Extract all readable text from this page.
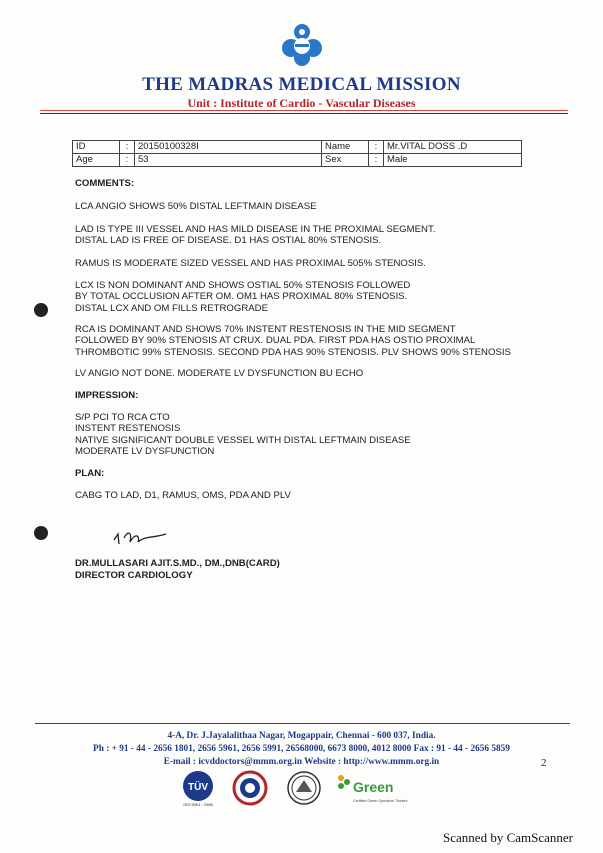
THE MADRAS MEDICAL MISSION
Unit : Institute of Cardio - Vascular Diseases
ID	:	20150100328I	Name	:	Mr.VITAL DOSS .D
Age	:	53	Sex	:	Male
COMMENTS:
LCA ANGIO SHOWS 50% DISTAL LEFTMAIN DISEASE
LAD IS TYPE III VESSEL AND HAS MILD DISEASE IN THE PROXIMAL SEGMENT.
DISTAL LAD IS FREE OF DISEASE. D1 HAS OSTIAL 80% STENOSIS.
RAMUS IS MODERATE SIZED VESSEL AND HAS PROXIMAL 505% STENOSIS.
LCX IS NON DOMINANT AND SHOWS OSTIAL 50% STENOSIS FOLLOWED
BY TOTAL OCCLUSION AFTER OM. OM1 HAS PROXIMAL 80% STENOSIS.
DISTAL LCX AND OM FILLS RETROGRADE
RCA IS DOMINANT AND SHOWS 70% INSTENT RESTENOSIS IN THE MID SEGMENT
FOLLOWED BY 90% STENOSIS AT CRUX. DUAL PDA. FIRST PDA HAS OSTIO PROXIMAL
THROMBOTIC 99% STENOSIS. SECOND PDA HAS 90% STENOSIS. PLV SHOWS 90% STENOSIS
LV ANGIO NOT DONE. MODERATE LV DYSFUNCTION BU ECHO
IMPRESSION:
S/P PCI TO RCA CTO
INSTENT RESTENOSIS
NATIVE SIGNIFICANT DOUBLE VESSEL WITH DISTAL LEFTMAIN DISEASE
MODERATE LV DYSFUNCTION
PLAN:
CABG TO LAD, D1, RAMUS, OMS, PDA AND PLV
DR.MULLASARI AJIT.S.MD., DM.,DNB(CARD)
DIRECTOR CARDIOLOGY
4-A, Dr. J.Jayalalithaa Nagar, Mogappair, Chennai - 600 037, India.
Ph : + 91 - 44 - 2656 1801, 2656 5961, 2656 5991, 26568000, 6673 8000, 4012 8000 Fax : 91 - 44 - 2656 5859
E-mail : icvddoctors@mmm.org.in Website : http://www.mmm.org.in	2
TÜV
ISO 9001 : 2008
Green
Certified Green Operation Theatre
Scanned by CamScanner
